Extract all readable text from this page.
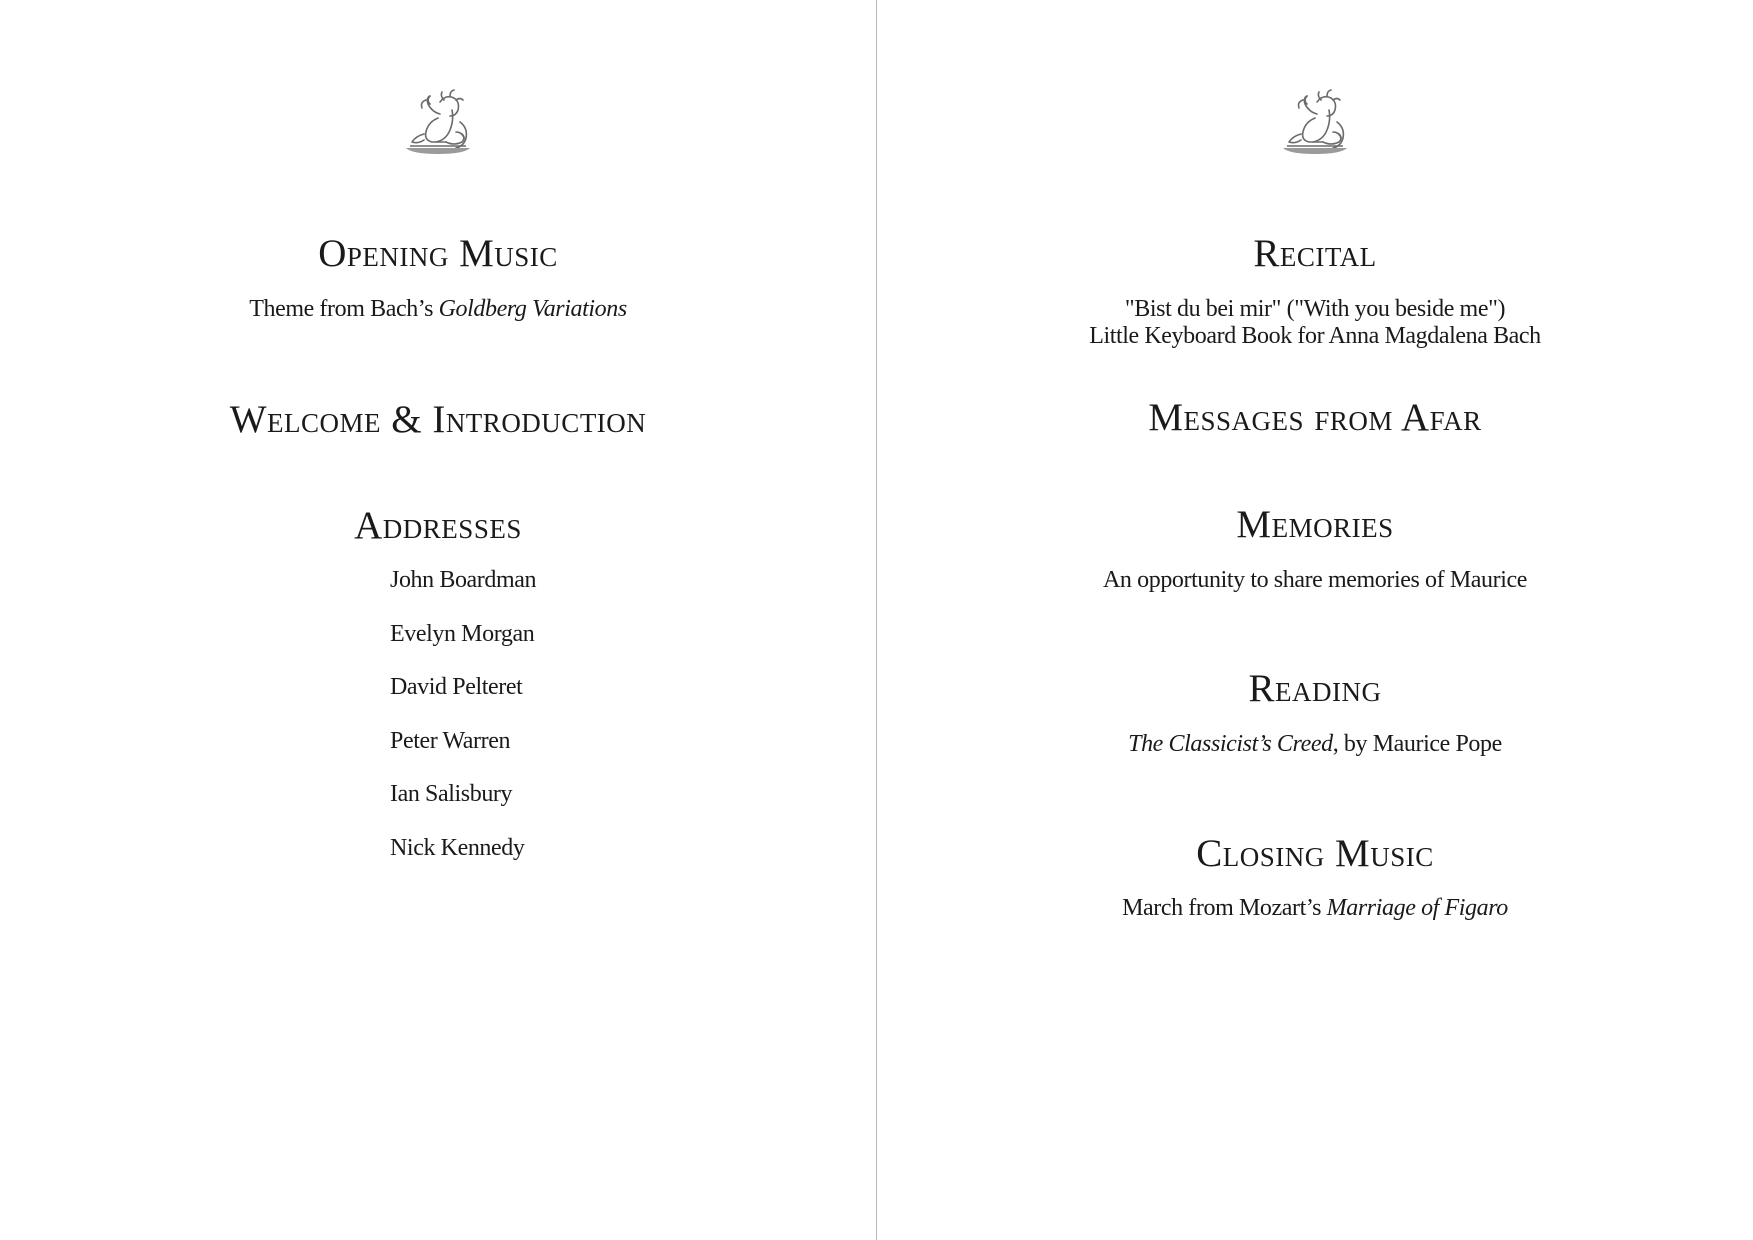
Opening Music
Theme from Bach’s Goldberg Variations
Welcome & Introduction
Addresses
John Boardman
Evelyn Morgan
David Pelteret
Peter Warren
Ian Salisbury
Nick Kennedy
Recital
"Bist du bei mir" ("With you beside me")
Little Keyboard Book for Anna Magdalena Bach
Messages from Afar
Memories
An opportunity to share memories of Maurice
Reading
The Classicist’s Creed, by Maurice Pope
Closing Music
March from Mozart’s Marriage of Figaro
